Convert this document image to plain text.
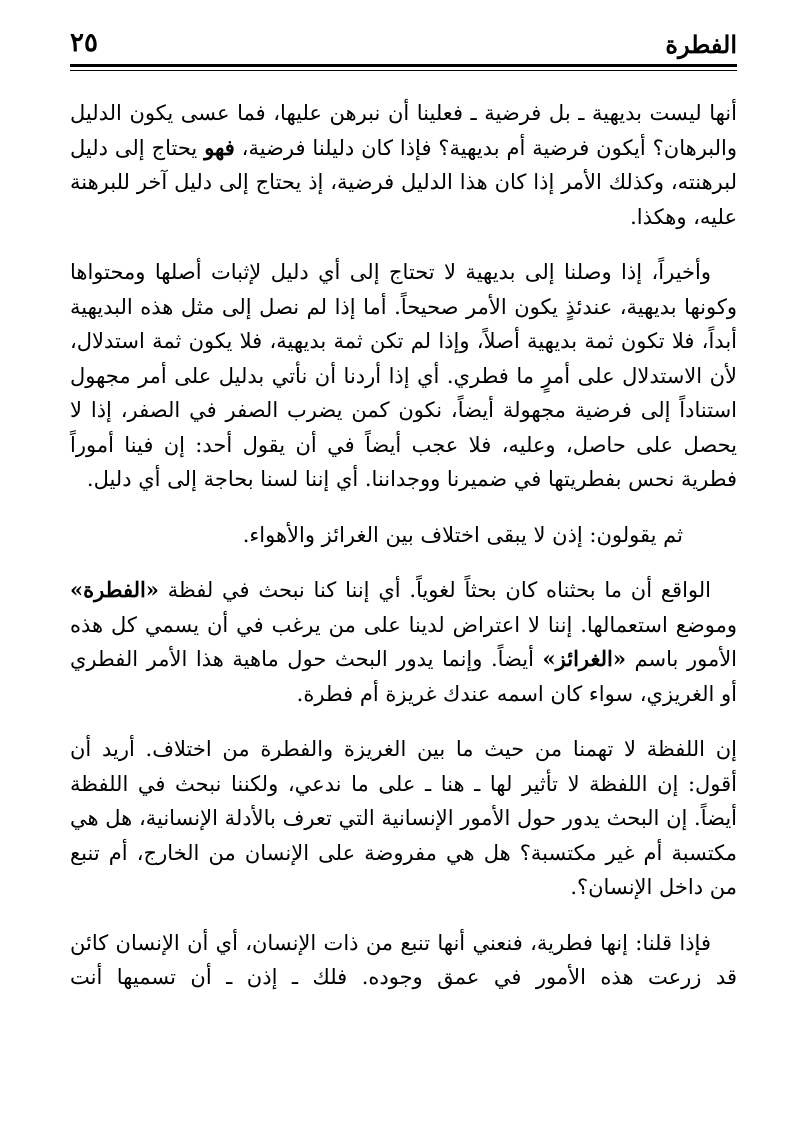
الفطرة
٢٥

أنها ليست بديهية ـ بل فرضية ـ فعلينا أن نبرهن عليها، فما عسى يكون الدليل والبرهان؟ أيكون فرضية أم بديهية؟ فإذا كان دليلنا فرضية، فهو يحتاج إلى دليل لبرهنته، وكذلك الأمر إذا كان هذا الدليل فرضية، إذ يحتاج إلى دليل آخر للبرهنة عليه، وهكذا.

وأخيراً، إذا وصلنا إلى بديهية لا تحتاج إلى أي دليل لإثبات أصلها ومحتواها وكونها بديهية، عندئذٍ يكون الأمر صحيحاً. أما إذا لم نصل إلى مثل هذه البديهية أبداً، فلا تكون ثمة بديهية أصلاً، وإذا لم تكن ثمة بديهية، فلا يكون ثمة استدلال، لأن الاستدلال على أمرٍ ما فطري. أي إذا أردنا أن نأتي بدليل على أمر مجهول استناداً إلى فرضية مجهولة أيضاً، نكون كمن يضرب الصفر في الصفر، إذا لا يحصل على حاصل، وعليه، فلا عجب أيضاً في أن يقول أحد: إن فينا أموراً فطرية نحس بفطريتها في ضميرنا ووجداننا. أي إننا لسنا بحاجة إلى أي دليل.

ثم يقولون: إذن لا يبقى اختلاف بين الغرائز والأهواء.

الواقع أن ما بحثناه كان بحثاً لغوياً. أي إننا كنا نبحث في لفظة «الفطرة» وموضع استعمالها. إننا لا اعتراض لدينا على من يرغب في أن يسمي كل هذه الأمور باسم «الغرائز» أيضاً. وإنما يدور البحث حول ماهية هذا الأمر الفطري أو الغريزي، سواء كان اسمه عندك غريزة أم فطرة.

إن اللفظة لا تهمنا من حيث ما بين الغريزة والفطرة من اختلاف. أريد أن أقول: إن اللفظة لا تأثير لها ـ هنا ـ على ما ندعي، ولكننا نبحث في اللفظة أيضاً. إن البحث يدور حول الأمور الإنسانية التي تعرف بالأدلة الإنسانية، هل هي مكتسبة أم غير مكتسبة؟ هل هي مفروضة على الإنسان من الخارج، أم تنبع من داخل الإنسان؟.

فإذا قلنا: إنها فطرية، فنعني أنها تنبع من ذات الإنسان، أي أن الإنسان كائن قد زرعت هذه الأمور في عمق وجوده. فلك ـ إذن ـ أن تسميها أنت
